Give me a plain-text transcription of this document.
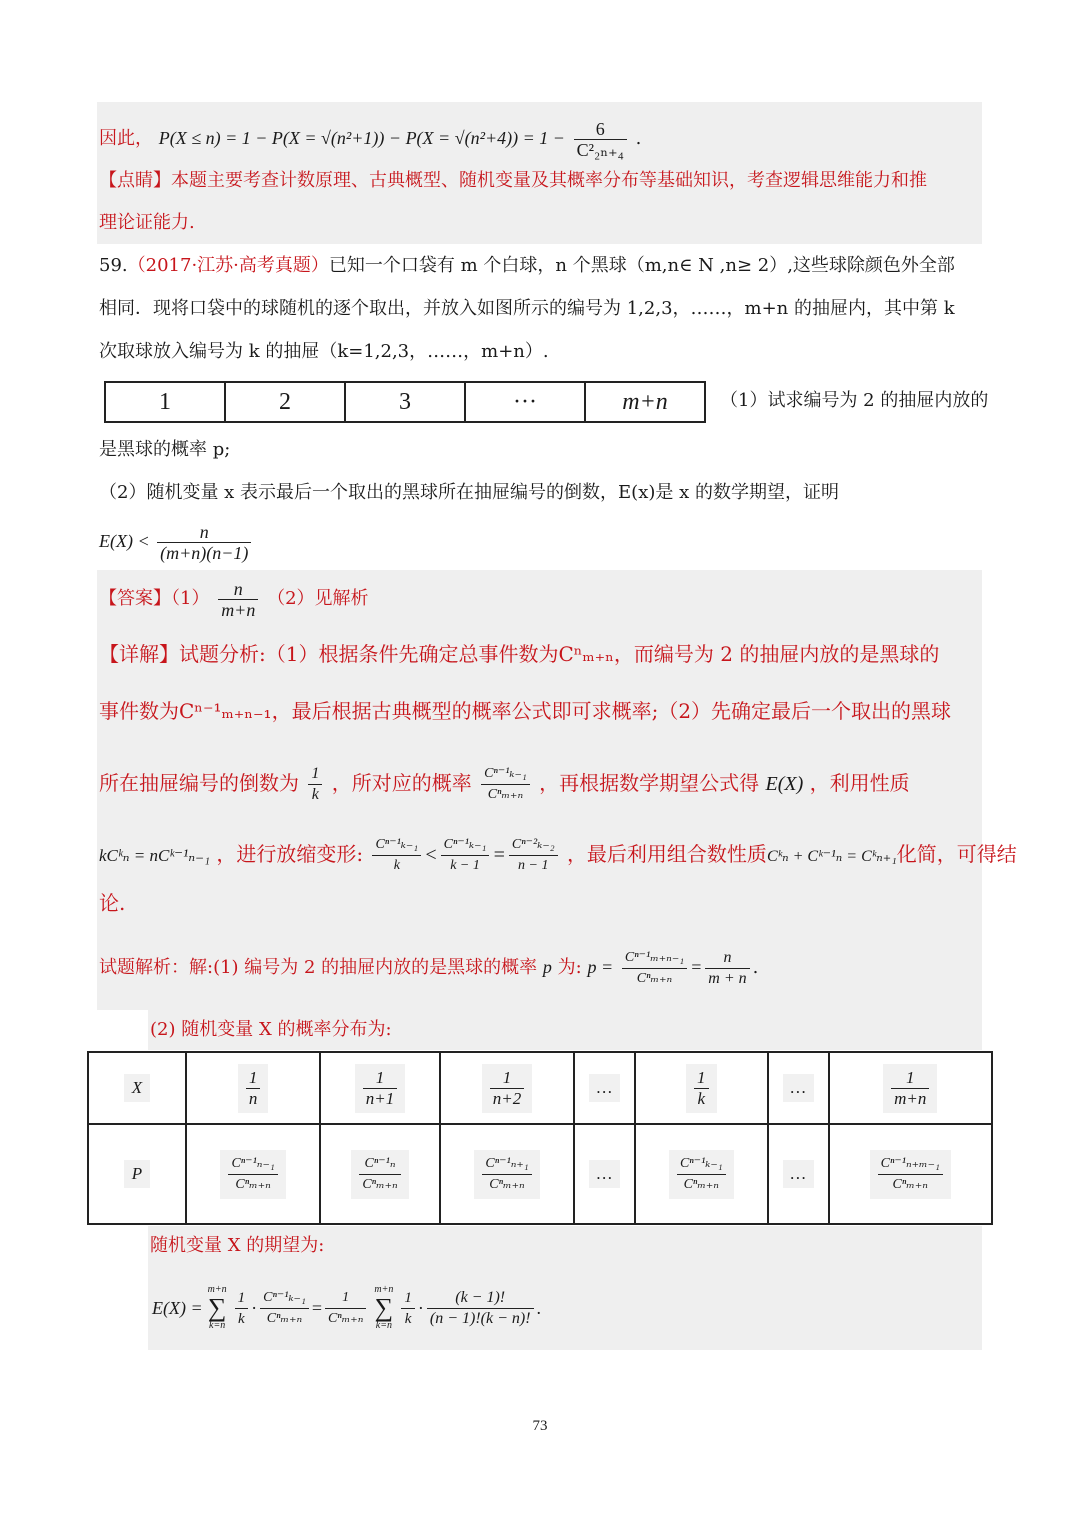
因此， $P(X \le n) = 1 - P(X = √(n^2+1)) - P(X = √(n^2+4)) = 1 - \frac{6}{\text{C²₂ₙ₊₄}}$ .
【点睛】本题主要考查计数原理、古典概型、随机变量及其概率分布等基础知识，考查逻辑思维能力和推
理论证能力.
59.（2017·江苏·高考真题）已知一个口袋有 m 个白球，n 个黑球（m,n∈ N ,n≥ 2）,这些球除颜色外全部
相同．现将口袋中的球随机的逐个取出，并放入如图所示的编号为 1,2,3，……，m+n 的抽屉内，其中第 k
次取球放入编号为 k 的抽屉（k=1,2,3，……，m+n）.
1	2	3	···	m+n	（1）试求编号为 2 的抽屉内放的
是黑球的概率 p;
（2）随机变量 x 表示最后一个取出的黑球所在抽屉编号的倒数，E(x)是 x 的数学期望，证明
$E(X) < \frac{n}{(m+n)(n-1)}$
【答案】$(1) \frac{n}{m+n} (2)$见解析
【详解】试题分析:（1）根据条件先确定总事件数为Cⁿₘ₊ₙ，而编号为 2 的抽屉内放的是黑球的
事件数为Cⁿ⁻¹ₘ₊ₙ₋₁，最后根据古典概型的概率公式即可求概率;（2）先确定最后一个取出的黑球
所在抽屉编号的倒数为 $\frac{1}{k}$ ，所对应的概率 $\frac{\text{Cⁿ⁻¹ₖ₋₁}}{\text{Cⁿₘ₊ₙ}}$ ，再根据数学期望公式得 E(X) ，利用性质
kCᵏₙ = nCᵏ⁻¹ₙ₋₁ ，进行放缩变形: $\frac{\text{Cⁿ⁻¹ₖ₋₁}}{k} < \frac{\text{Cⁿ⁻¹ₖ₋₁}}{k - 1} = \frac{\text{Cⁿ⁻²ₖ₋₂}}{n - 1}$ ，最后利用组合数性质Cᵏₙ + Cᵏ⁻¹ₙ = Cᵏₙ₊₁化简，可得结
论.
试题解析：解:(1) 编号为 2 的抽屉内放的是黑球的概率 p 为: $p = \frac{\text{Cⁿ⁻¹ₘ₊ₙ₋₁}}{\text{Cⁿₘ₊ₙ}} = \frac{n}{m + n}$ .
(2) 随机变量 X 的概率分布为:
X	$\frac{1}{n}$	$\frac{1}{n+1}$	$\frac{1}{n+2}$	…	$\frac{1}{k}$	…	$\frac{1}{m+n}$

P	$\frac{\text{Cⁿ⁻¹ₙ₋₁}}{\text{Cⁿₘ₊ₙ}}$	$\frac{\text{Cⁿ⁻¹ₙ}}{\text{Cⁿₘ₊ₙ}}$	$\frac{\text{Cⁿ⁻¹ₙ₊₁}}{\text{Cⁿₘ₊ₙ}}$	…	$\frac{\text{Cⁿ⁻¹ₖ₋₁}}{\text{Cⁿₘ₊ₙ}}$	…	$\frac{\text{Cⁿ⁻¹ₙ₊ₘ₋₁}}{\text{Cⁿₘ₊ₙ}}$
随机变量 X 的期望为:
E(X) =
m+n
∑
$k=n \frac{1}{k} \cdot \frac{\text{Cⁿ⁻¹ₖ₋₁}}{\text{Cⁿₘ₊ₙ}} = \frac{1}{\text{Cⁿₘ₊ₙ}} m+n$
∑
$k=n \frac{1}{k} \cdot \frac{(k - 1)!}{(n - 1)!(k - n)!}$ .
73
